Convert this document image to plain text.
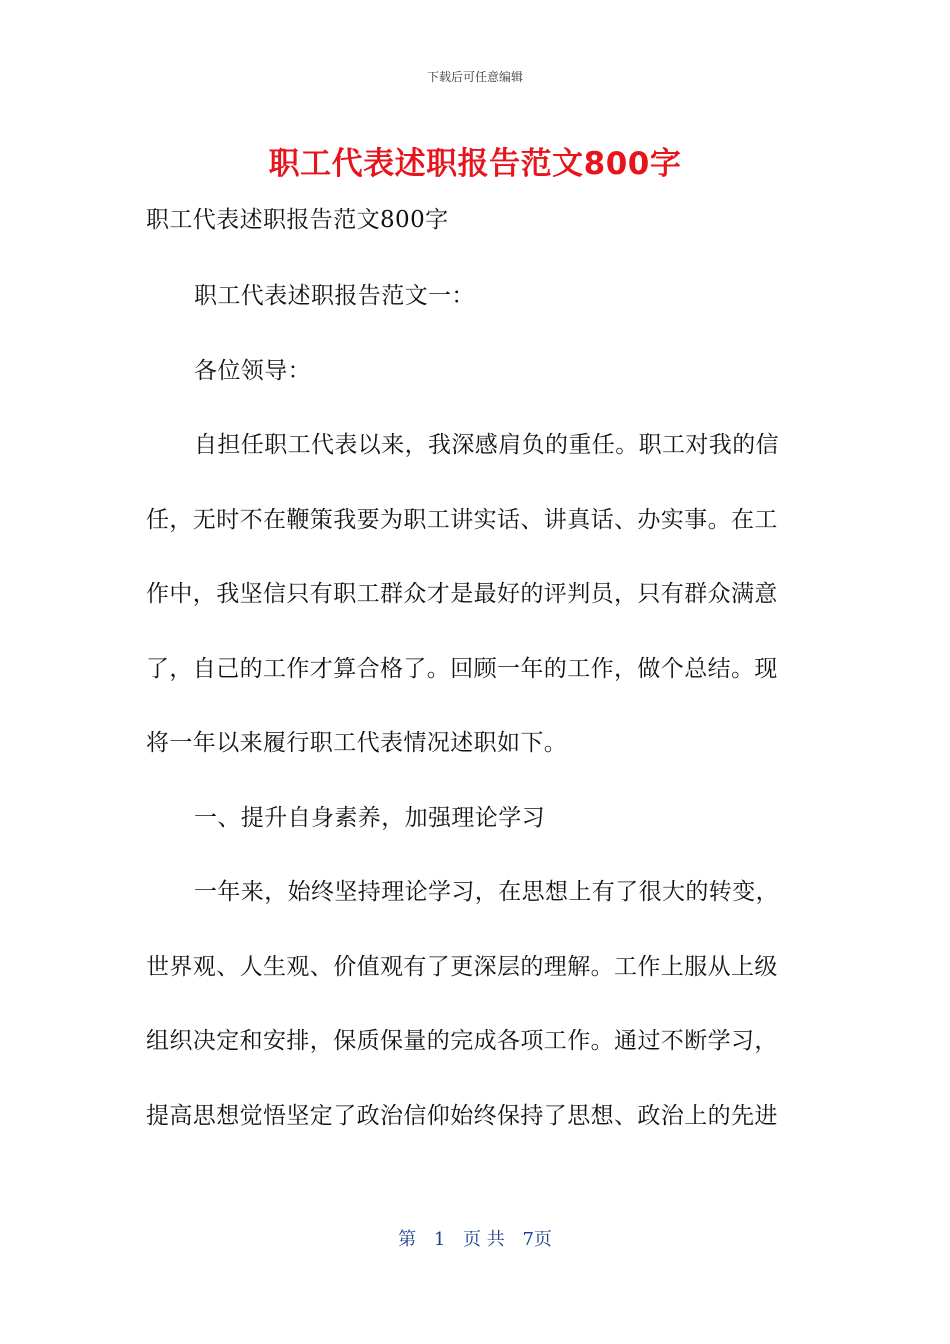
下载后可任意编辑
职工代表述职报告范文800字
职工代表述职报告范文800字
职工代表述职报告范文一：
各位领导：
自担任职工代表以来，我深感肩负的重任。职工对我的信
任，无时不在鞭策我要为职工讲实话、讲真话、办实事。在工
作中，我坚信只有职工群众才是最好的评判员，只有群众满意
了，自己的工作才算合格了。回顾一年的工作，做个总结。现
将一年以来履行职工代表情况述职如下。
一、提升自身素养，加强理论学习
一年来，始终坚持理论学习，在思想上有了很大的转变，
世界观、人生观、价值观有了更深层的理解。工作上服从上级
组织决定和安排，保质保量的完成各项工作。通过不断学习，
提高思想觉悟坚定了政治信仰始终保持了思想、政治上的先进
第 1 页 共 7页
